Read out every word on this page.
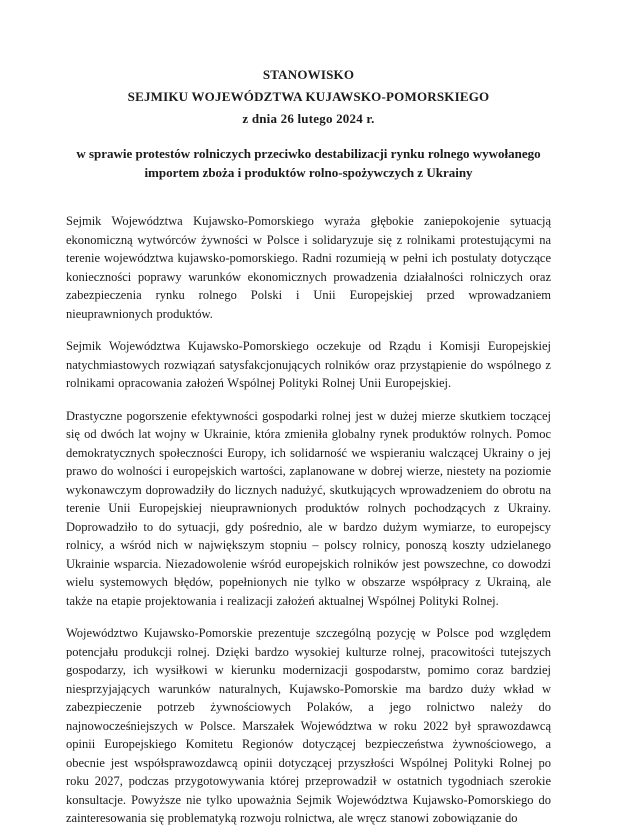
STANOWISKO
SEJMIKU WOJEWÓDZTWA KUJAWSKO-POMORSKIEGO
z dnia 26 lutego 2024 r.
w sprawie protestów rolniczych przeciwko destabilizacji rynku rolnego wywołanego
importem zboża i produktów rolno-spożywczych z Ukrainy

Sejmik Województwa Kujawsko-Pomorskiego wyraża głębokie zaniepokojenie sytuacją ekonomiczną wytwórców żywności w Polsce i solidaryzuje się z rolnikami protestującymi na terenie województwa kujawsko-pomorskiego. Radni rozumieją w pełni ich postulaty dotyczące konieczności poprawy warunków ekonomicznych prowadzenia działalności rolniczych oraz zabezpieczenia rynku rolnego Polski i Unii Europejskiej przed wprowadzaniem nieuprawnionych produktów.

Sejmik Województwa Kujawsko-Pomorskiego oczekuje od Rządu i Komisji Europejskiej natychmiastowych rozwiązań satysfakcjonujących rolników oraz przystąpienie do wspólnego z rolnikami opracowania założeń Wspólnej Polityki Rolnej Unii Europejskiej.

Drastyczne pogorszenie efektywności gospodarki rolnej jest w dużej mierze skutkiem toczącej się od dwóch lat wojny w Ukrainie, która zmieniła globalny rynek produktów rolnych. Pomoc demokratycznych społeczności Europy, ich solidarność we wspieraniu walczącej Ukrainy o jej prawo do wolności i europejskich wartości, zaplanowane w dobrej wierze, niestety na poziomie wykonawczym doprowadziły do licznych nadużyć, skutkujących wprowadzeniem do obrotu na terenie Unii Europejskiej nieuprawnionych produktów rolnych pochodzących z Ukrainy. Doprowadziło to do sytuacji, gdy pośrednio, ale w bardzo dużym wymiarze, to europejscy rolnicy, a wśród nich w największym stopniu – polscy rolnicy, ponoszą koszty udzielanego Ukrainie wsparcia. Niezadowolenie wśród europejskich rolników jest powszechne, co dowodzi wielu systemowych błędów, popełnionych nie tylko w obszarze współpracy z Ukrainą, ale także na etapie projektowania i realizacji założeń aktualnej Wspólnej Polityki Rolnej.

Województwo Kujawsko-Pomorskie prezentuje szczególną pozycję w Polsce pod względem potencjału produkcji rolnej. Dzięki bardzo wysokiej kulturze rolnej, pracowitości tutejszych gospodarzy, ich wysiłkowi w kierunku modernizacji gospodarstw, pomimo coraz bardziej niesprzyjających warunków naturalnych, Kujawsko-Pomorskie ma bardzo duży wkład w zabezpieczenie potrzeb żywnościowych Polaków, a jego rolnictwo należy do najnowocześniejszych w Polsce. Marszałek Województwa w roku 2022 był sprawozdawcą opinii Europejskiego Komitetu Regionów dotyczącej bezpieczeństwa żywnościowego, a obecnie jest współsprawozdawcą opinii dotyczącej przyszłości Wspólnej Polityki Rolnej po roku 2027, podczas przygotowywania której przeprowadził w ostatnich tygodniach szerokie konsultacje. Powyższe nie tylko upoważnia Sejmik Województwa Kujawsko-Pomorskiego do zainteresowania się problematyką rozwoju rolnictwa, ale wręcz stanowi zobowiązanie do
